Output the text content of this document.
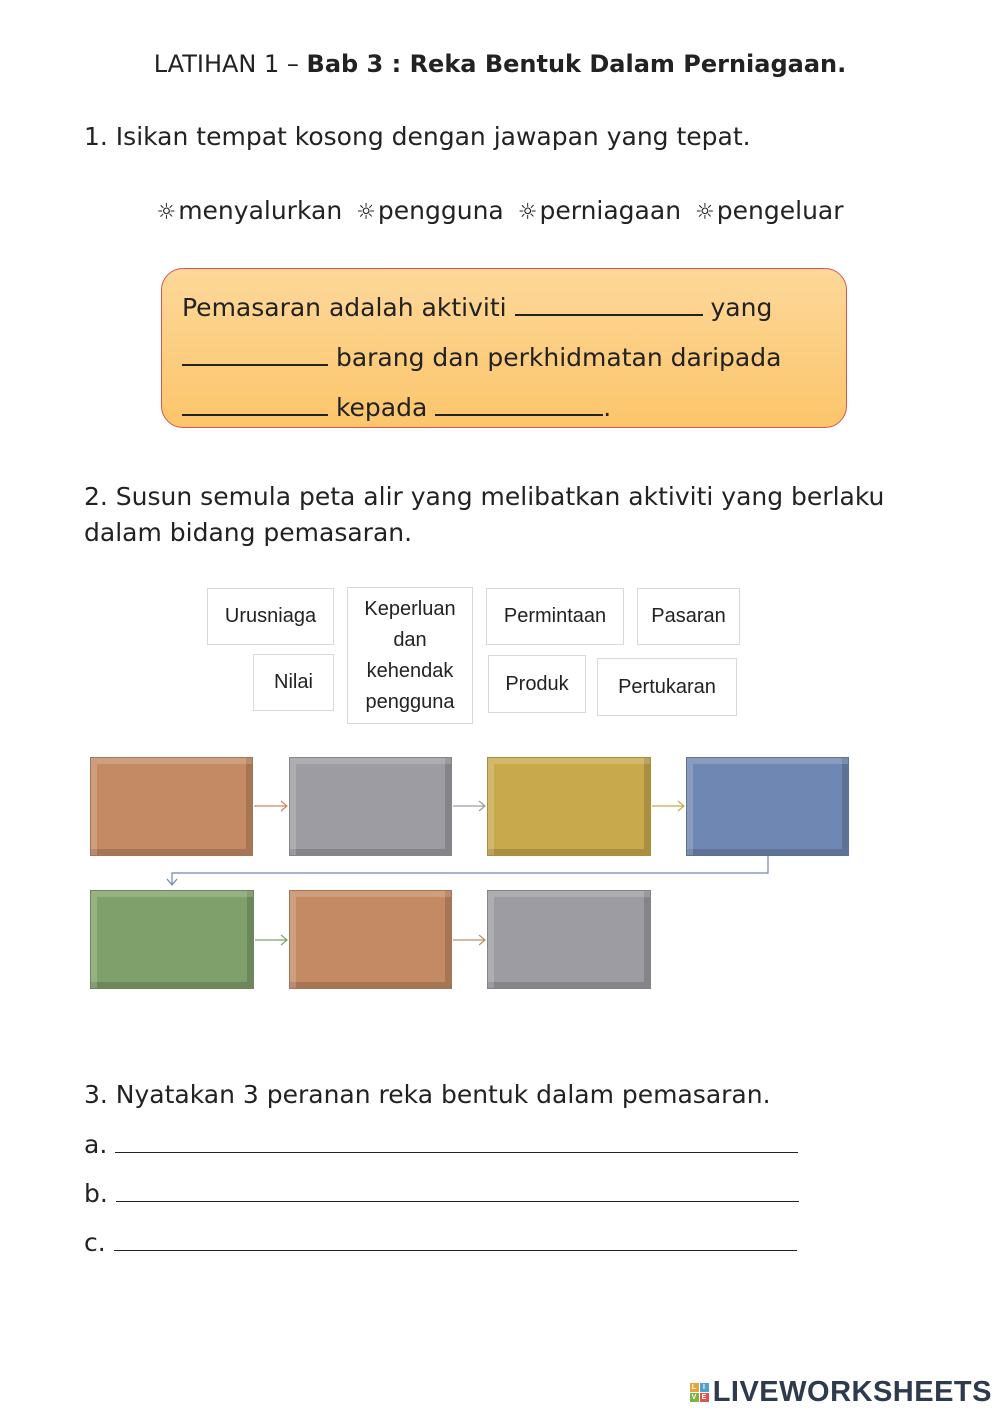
LATIHAN 1 – Bab 3 : Reka Bentuk Dalam Perniagaan.
1. Isikan tempat kosong dengan jawapan yang tepat.
☼menyalurkan ☼pengguna ☼perniagaan ☼pengeluar
Pemasaran adalah aktiviti	yang
barang dan perkhidmatan daripada
kepada	.
2. Susun semula peta alir yang melibatkan aktiviti yang berlaku
dalam bidang pemasaran.
Urusniaga	Keperluan
dan
kehendak
pengguna
Permintaan	Pasaran
Nilai	Produk	Pertukaran
3. Nyatakan 3 peranan reka bentuk dalam pemasaran.
a.
b.
c.
L I
V E LIVEWORKSHEETS
